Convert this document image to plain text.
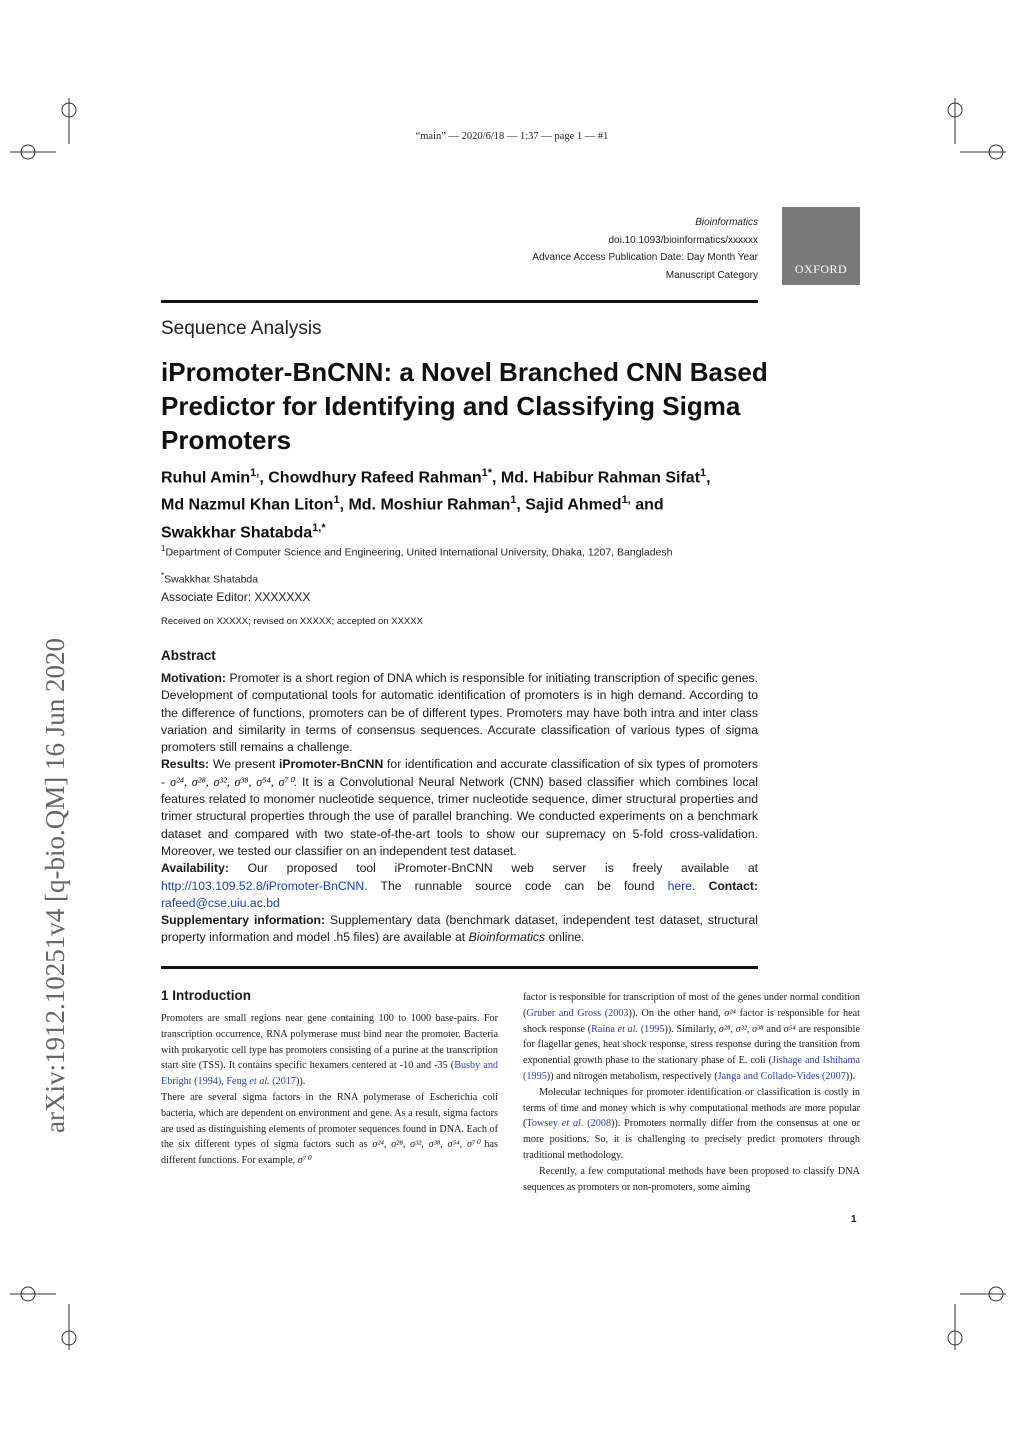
“main” — 2020/6/18 — 1:37 — page 1 — #1
arXiv:1912.10251v4 [q-bio.QM] 16 Jun 2020
Bioinformatics
doi.10.1093/bioinformatics/xxxxxx
Advance Access Publication Date: Day Month Year
Manuscript Category	OXFORD
Sequence Analysis
iPromoter-BnCNN: a Novel Branched CNN Based Predictor for Identifying and Classifying Sigma Promoters
Ruhul Amin$^{1,}$, Chowdhury Rafeed Rahman$^{1*}$, Md. Habibur Rahman Sifat$^1$,
Md Nazmul Khan Liton$^1$, Md. Moshiur Rahman$^1$, Sajid Ahmed$^{1,}$ and
Swakkhar Shatabda$^{1,*}$
$^1$Department of Computer Science and Engineering, United International University, Dhaka, 1207, Bangladesh
*Swakkhar Shatabda
Associate Editor: XXXXXXX
Received on XXXXX; revised on XXXXX; accepted on XXXXX
Abstract

Motivation: Promoter is a short region of DNA which is responsible for initiating transcription of specific genes. Development of computational tools for automatic identification of promoters is in high demand. According to the difference of functions, promoters can be of different types. Promoters may have both intra and inter class variation and similarity in terms of consensus sequences. Accurate classification of various types of sigma promoters still remains a challenge.

Results: We present iPromoter-BnCNN for identification and accurate classification of six types of promoters - σ²⁴, σ²⁸, σ³², σ³⁸, σ⁵⁴, σ⁷⁰. It is a Convolutional Neural Network (CNN) based classifier which combines local features related to monomer nucleotide sequence, trimer nucleotide sequence, dimer structural properties and trimer structural properties through the use of parallel branching. We conducted experiments on a benchmark dataset and compared with two state-of-the-art tools to show our supremacy on 5-fold cross-validation. Moreover, we tested our classifier on an independent test dataset.

Availability: Our proposed tool iPromoter-BnCNN web server is freely available at http://103.109.52.8/iPromoter-BnCNN. The runnable source code can be found here. Contact: rafeed@cse.uiu.ac.bd

Supplementary information: Supplementary data (benchmark dataset, independent test dataset, structural property information and model .h5 files) are available at Bioinformatics online.

1 Introduction

Promoters are small regions near gene containing 100 to 1000 base-pairs. For transcription occurrence, RNA polymerase must bind near the promoter. Bacteria with prokaryotic cell type has promoters consisting of a purine at the transcription start site (TSS). It contains specific hexamers centered at -10 and -35 (Busby and Ebright (1994), Feng et al. (2017)).

There are several sigma factors in the RNA polymerase of Escherichia coli bacteria, which are dependent on environment and gene. As a result, sigma factors are used as distinguishing elements of promoter sequences found in DNA. Each of the six different types of sigma factors such as σ²⁴, σ²⁸, σ³², σ³⁸, σ⁵⁴, σ⁷⁰ has different functions. For example, σ⁷⁰

factor is responsible for transcription of most of the genes under normal condition (Gruber and Gross (2003)). On the other hand, σ²⁴ factor is responsible for heat shock response (Raina et al. (1995)). Similarly, σ²⁸, σ³², σ³⁸ and σ⁵⁴ are responsible for flagellar genes, heat shock response, stress response during the transition from exponential growth phase to the stationary phase of E. coli (Jishage and Ishihama (1995)) and nitrogen metabolism, respectively (Janga and Collado-Vides (2007)).

Molecular techniques for promoter identification or classification is costly in terms of time and money which is why computational methods are more popular (Towsey et al. (2008)). Promoters normally differ from the consensus at one or more positions. So, it is challenging to precisely predict promoters through traditional methodology.

Recently, a few computational methods have been proposed to classify DNA sequences as promoters or non-promoters, some aiming

1
